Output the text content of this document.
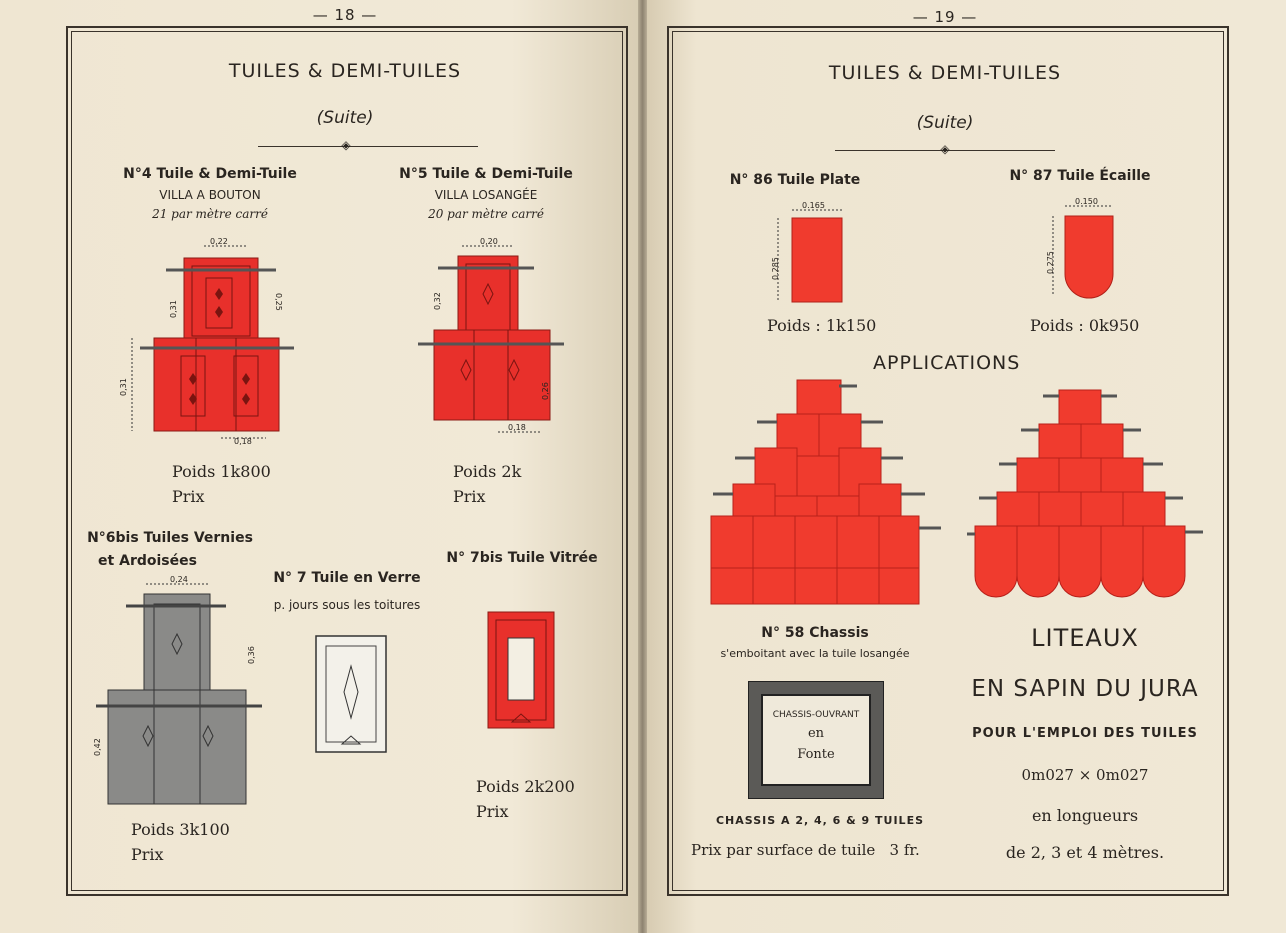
— 18 —
TUILES & DEMI-TUILES
(Suite)
◈
N°4 Tuile & Demi-Tuile
VILLA A BOUTON
21 par mètre carré
0,22
0,31
0,31	0,25
0,18
Poids 1k800
Prix
N°5 Tuile & Demi-Tuile
VILLA LOSANGÉE
20 par mètre carré
0,20
0,32
0,26
0,18
Poids 2k
Prix
N°6bis Tuiles Vernies
et Ardoisées
0,24
0,36
0,42
Poids 3k100
Prix
N° 7 Tuile en Verre
p. jours sous les toitures
N° 7bis Tuile Vitrée
Poids 2k200
Prix
— 19 —
TUILES & DEMI-TUILES
(Suite)
◈
N° 86 Tuile Plate
0.165
0.285
Poids : 1k150
N° 87 Tuile Écaille
0.150
0.275
Poids : 0k950
APPLICATIONS
N° 58 Chassis
s'emboitant avec la tuile losangée
CHASSIS-OUVRANT
en
Fonte
CHASSIS A 2, 4, 6 & 9 TUILES
Prix par surface de tuile   3 fr.
LITEAUX
EN SAPIN DU JURA
POUR L'EMPLOI DES TUILES
0m027 × 0m027
en longueurs
de 2, 3 et 4 mètres.
